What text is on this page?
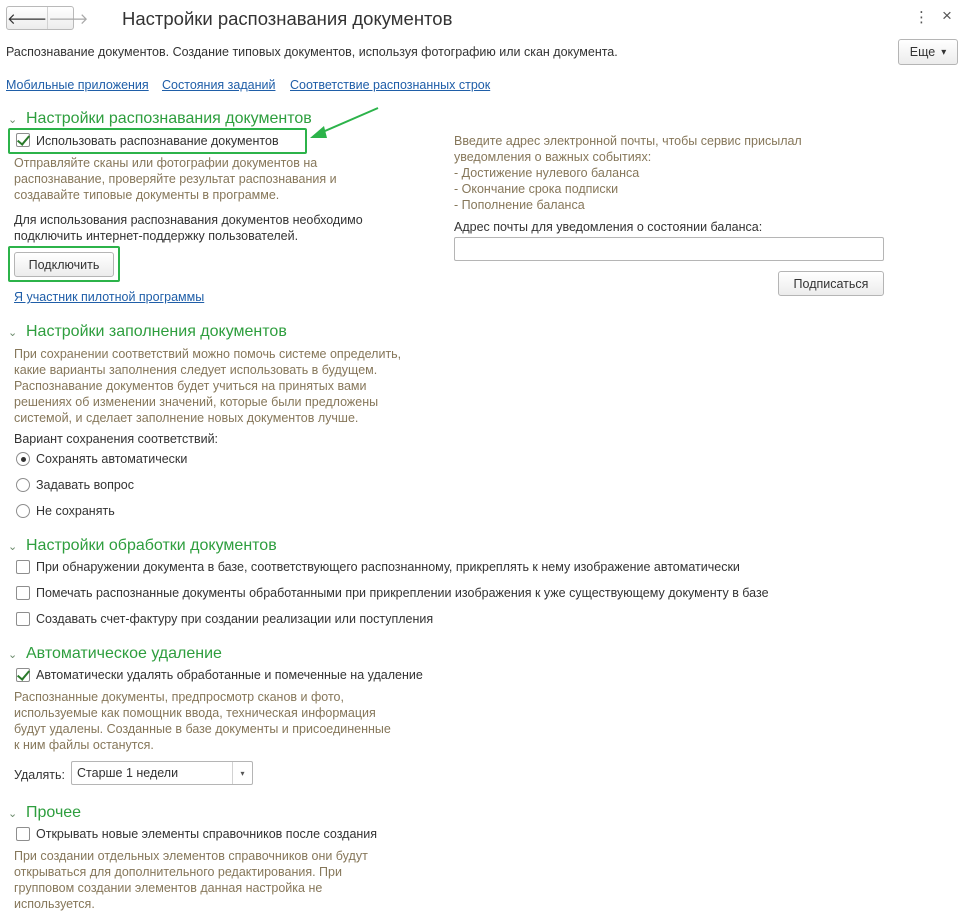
🡐 🡒 Настройки распознавания документов	⋮ ×
Распознавание документов. Создание типовых документов, используя фотографию или скан документа.	Еще ▾
Мобильные приложения Состояния заданий Соответствие распознанных строк
⌄ Настройки распознавания документов
Использовать распознавание документов
Отправляйте сканы или фотографии документов на
распознавание, проверяйте результат распознавания и
создавайте типовые документы в программе.
Для использования распознавания документов необходимо
подключить интернет-поддержку пользователей.
Подключить
Я участник пилотной программы
Введите адрес электронной почты, чтобы сервис присылал
уведомления о важных событиях:
- Достижение нулевого баланса
- Окончание срока подписки
- Пополнение баланса
Адрес почты для уведомления о состоянии баланса:
Подписаться
⌄ Настройки заполнения документов
При сохранении соответствий можно помочь системе определить,
какие варианты заполнения следует использовать в будущем.
Распознавание документов будет учиться на принятых вами
решениях об изменении значений, которые были предложены
системой, и сделает заполнение новых документов лучше.
Вариант сохранения соответствий:
Сохранять автоматически
Задавать вопрос
Не сохранять
⌄ Настройки обработки документов
При обнаружении документа в базе, соответствующего распознанному, прикреплять к нему изображение автоматически
Помечать распознанные документы обработанными при прикреплении изображения к уже существующему документу в базе
Создавать счет-фактуру при создании реализации или поступления
⌄ Автоматическое удаление
Автоматически удалять обработанные и помеченные на удаление
Распознанные документы, предпросмотр сканов и фото,
используемые как помощник ввода, техническая информация
будут удалены. Созданные в базе документы и присоединенные
к ним файлы останутся.
Удалять: Старше 1 недели	▾
⌄ Прочее
Открывать новые элементы справочников после создания
При создании отдельных элементов справочников они будут
открываться для дополнительного редактирования. При
групповом создании элементов данная настройка не
используется.
